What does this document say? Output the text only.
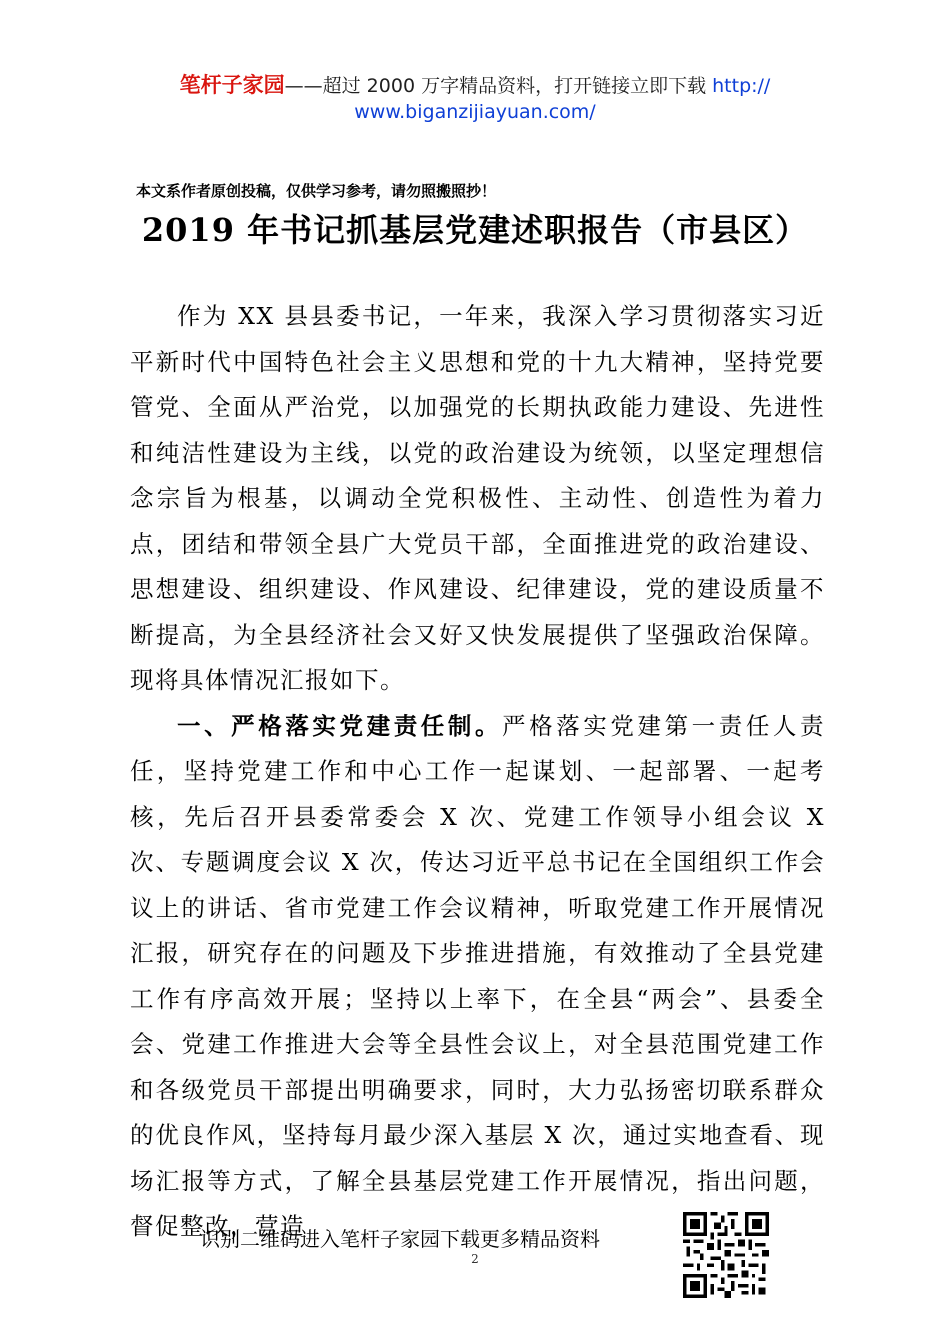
笔杆子家园——超过 2000 万字精品资料，打开链接立即下载 http://
www.biganzijiayuan.com/
本文系作者原创投稿，仅供学习参考，请勿照搬照抄！
2019 年书记抓基层党建述职报告（市县区）

作为 XX 县县委书记，一年来，我深入学习贯彻落实习近平新时代中国特色社会主义思想和党的十九大精神，坚持党要管党、全面从严治党，以加强党的长期执政能力建设、先进性和纯洁性建设为主线，以党的政治建设为统领，以坚定理想信念宗旨为根基，以调动全党积极性、主动性、创造性为着力点，团结和带领全县广大党员干部，全面推进党的政治建设、思想建设、组织建设、作风建设、纪律建设，党的建设质量不断提高，为全县经济社会又好又快发展提供了坚强政治保障。现将具体情况汇报如下。

一、严格落实党建责任制。严格落实党建第一责任人责任，坚持党建工作和中心工作一起谋划、一起部署、一起考核，先后召开县委常委会 X 次、党建工作领导小组会议 X 次、专题调度会议 X 次，传达习近平总书记在全国组织工作会议上的讲话、省市党建工作会议精神，听取党建工作开展情况汇报，研究存在的问题及下步推进措施，有效推动了全县党建工作有序高效开展；坚持以上率下，在全县“两会”、县委全会、党建工作推进大会等全县性会议上，对全县范围党建工作和各级党员干部提出明确要求，同时，大力弘扬密切联系群众的优良作风，坚持每月最少深入基层 X 次，通过实地查看、现场汇报等方式，了解全县基层党建工作开展情况，指出问题，督促整改，营造

识别二维码进入笔杆子家园下载更多精品资料
2
